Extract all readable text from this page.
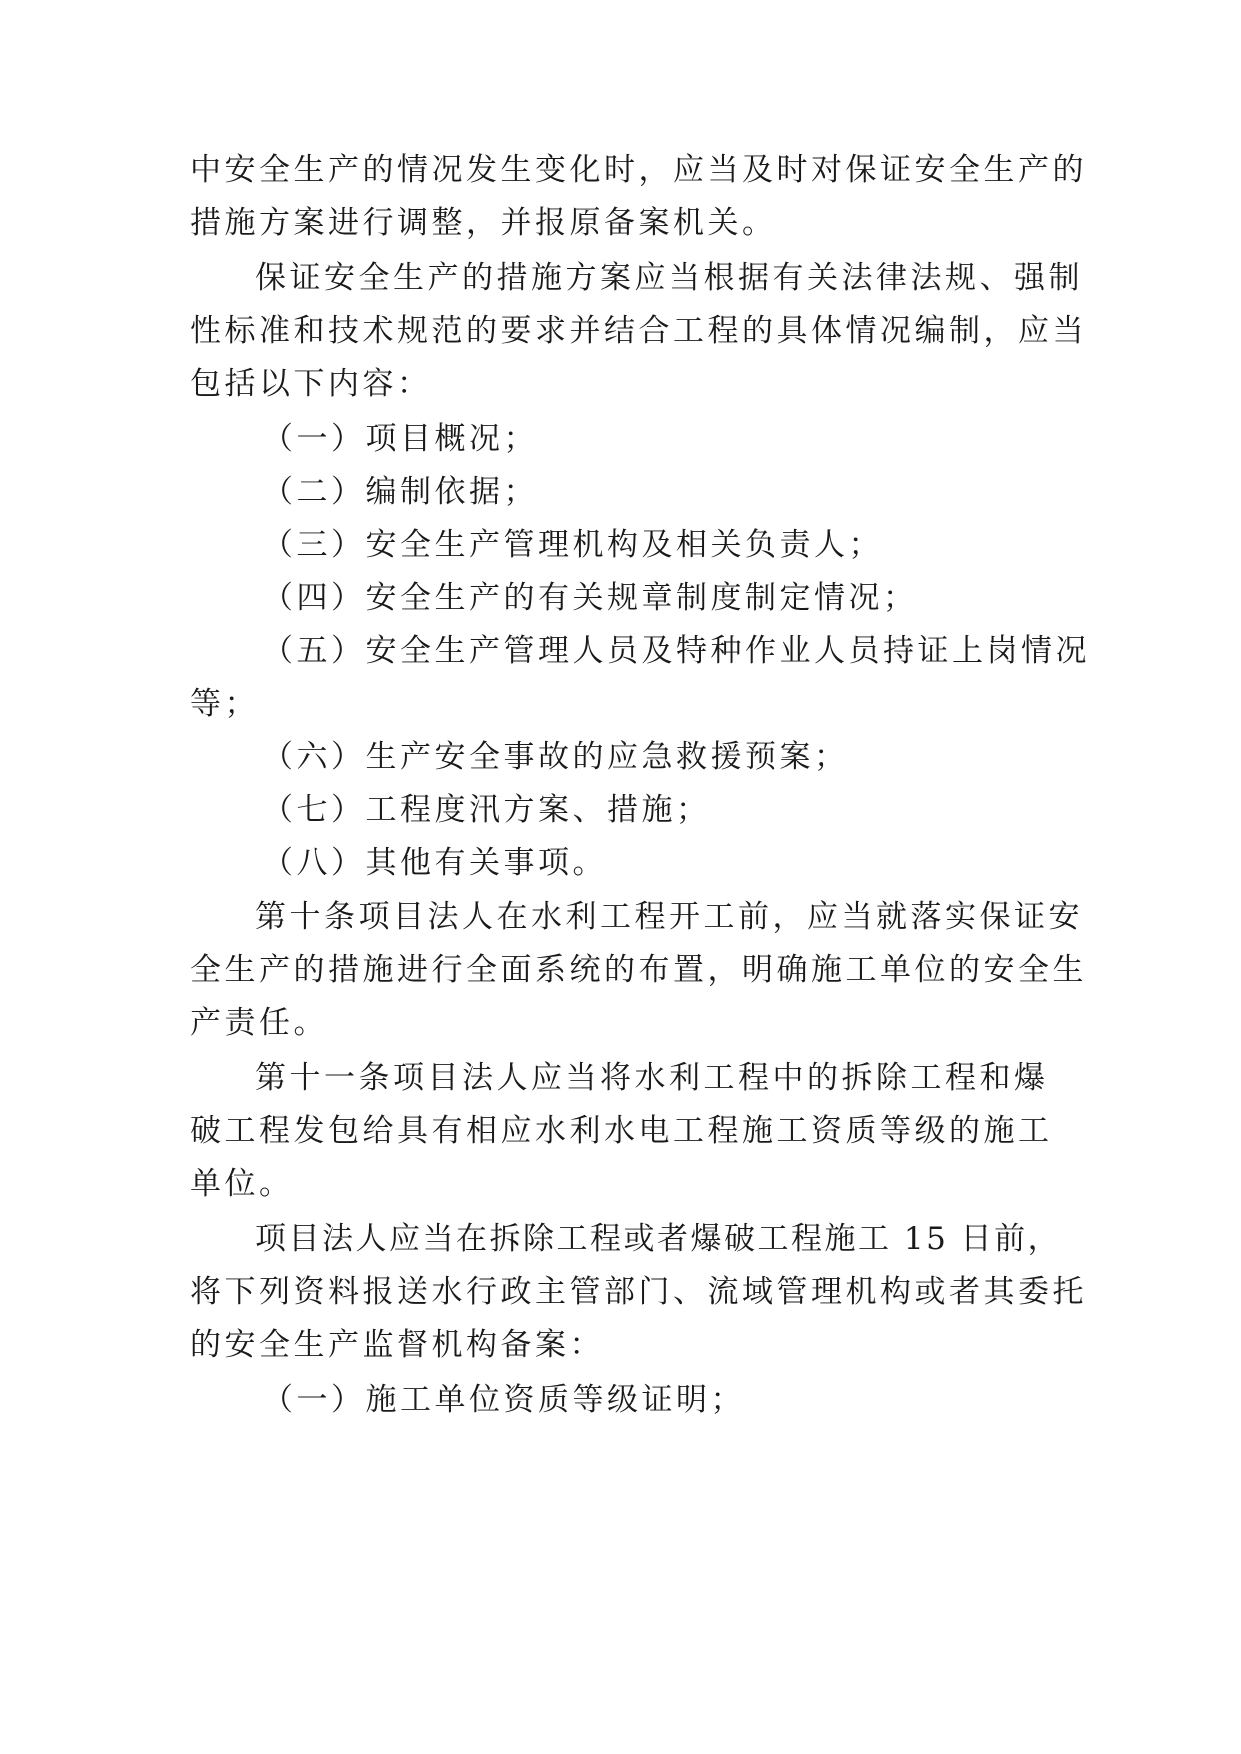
中安全生产的情况发生变化时，应当及时对保证安全生产的
措施方案进行调整，并报原备案机关。
保证安全生产的措施方案应当根据有关法律法规、强制
性标准和技术规范的要求并结合工程的具体情况编制，应当
包括以下内容：
（一）项目概况；
（二）编制依据；
（三）安全生产管理机构及相关负责人；
（四）安全生产的有关规章制度制定情况；
（五）安全生产管理人员及特种作业人员持证上岗情况
等；
（六）生产安全事故的应急救援预案；
（七）工程度汛方案、措施；
（八）其他有关事项。
第十条项目法人在水利工程开工前，应当就落实保证安
全生产的措施进行全面系统的布置，明确施工单位的安全生
产责任。
第十一条项目法人应当将水利工程中的拆除工程和爆
破工程发包给具有相应水利水电工程施工资质等级的施工
单位。
项目法人应当在拆除工程或者爆破工程施工 15 日前，
将下列资料报送水行政主管部门、流域管理机构或者其委托
的安全生产监督机构备案：
（一）施工单位资质等级证明；
